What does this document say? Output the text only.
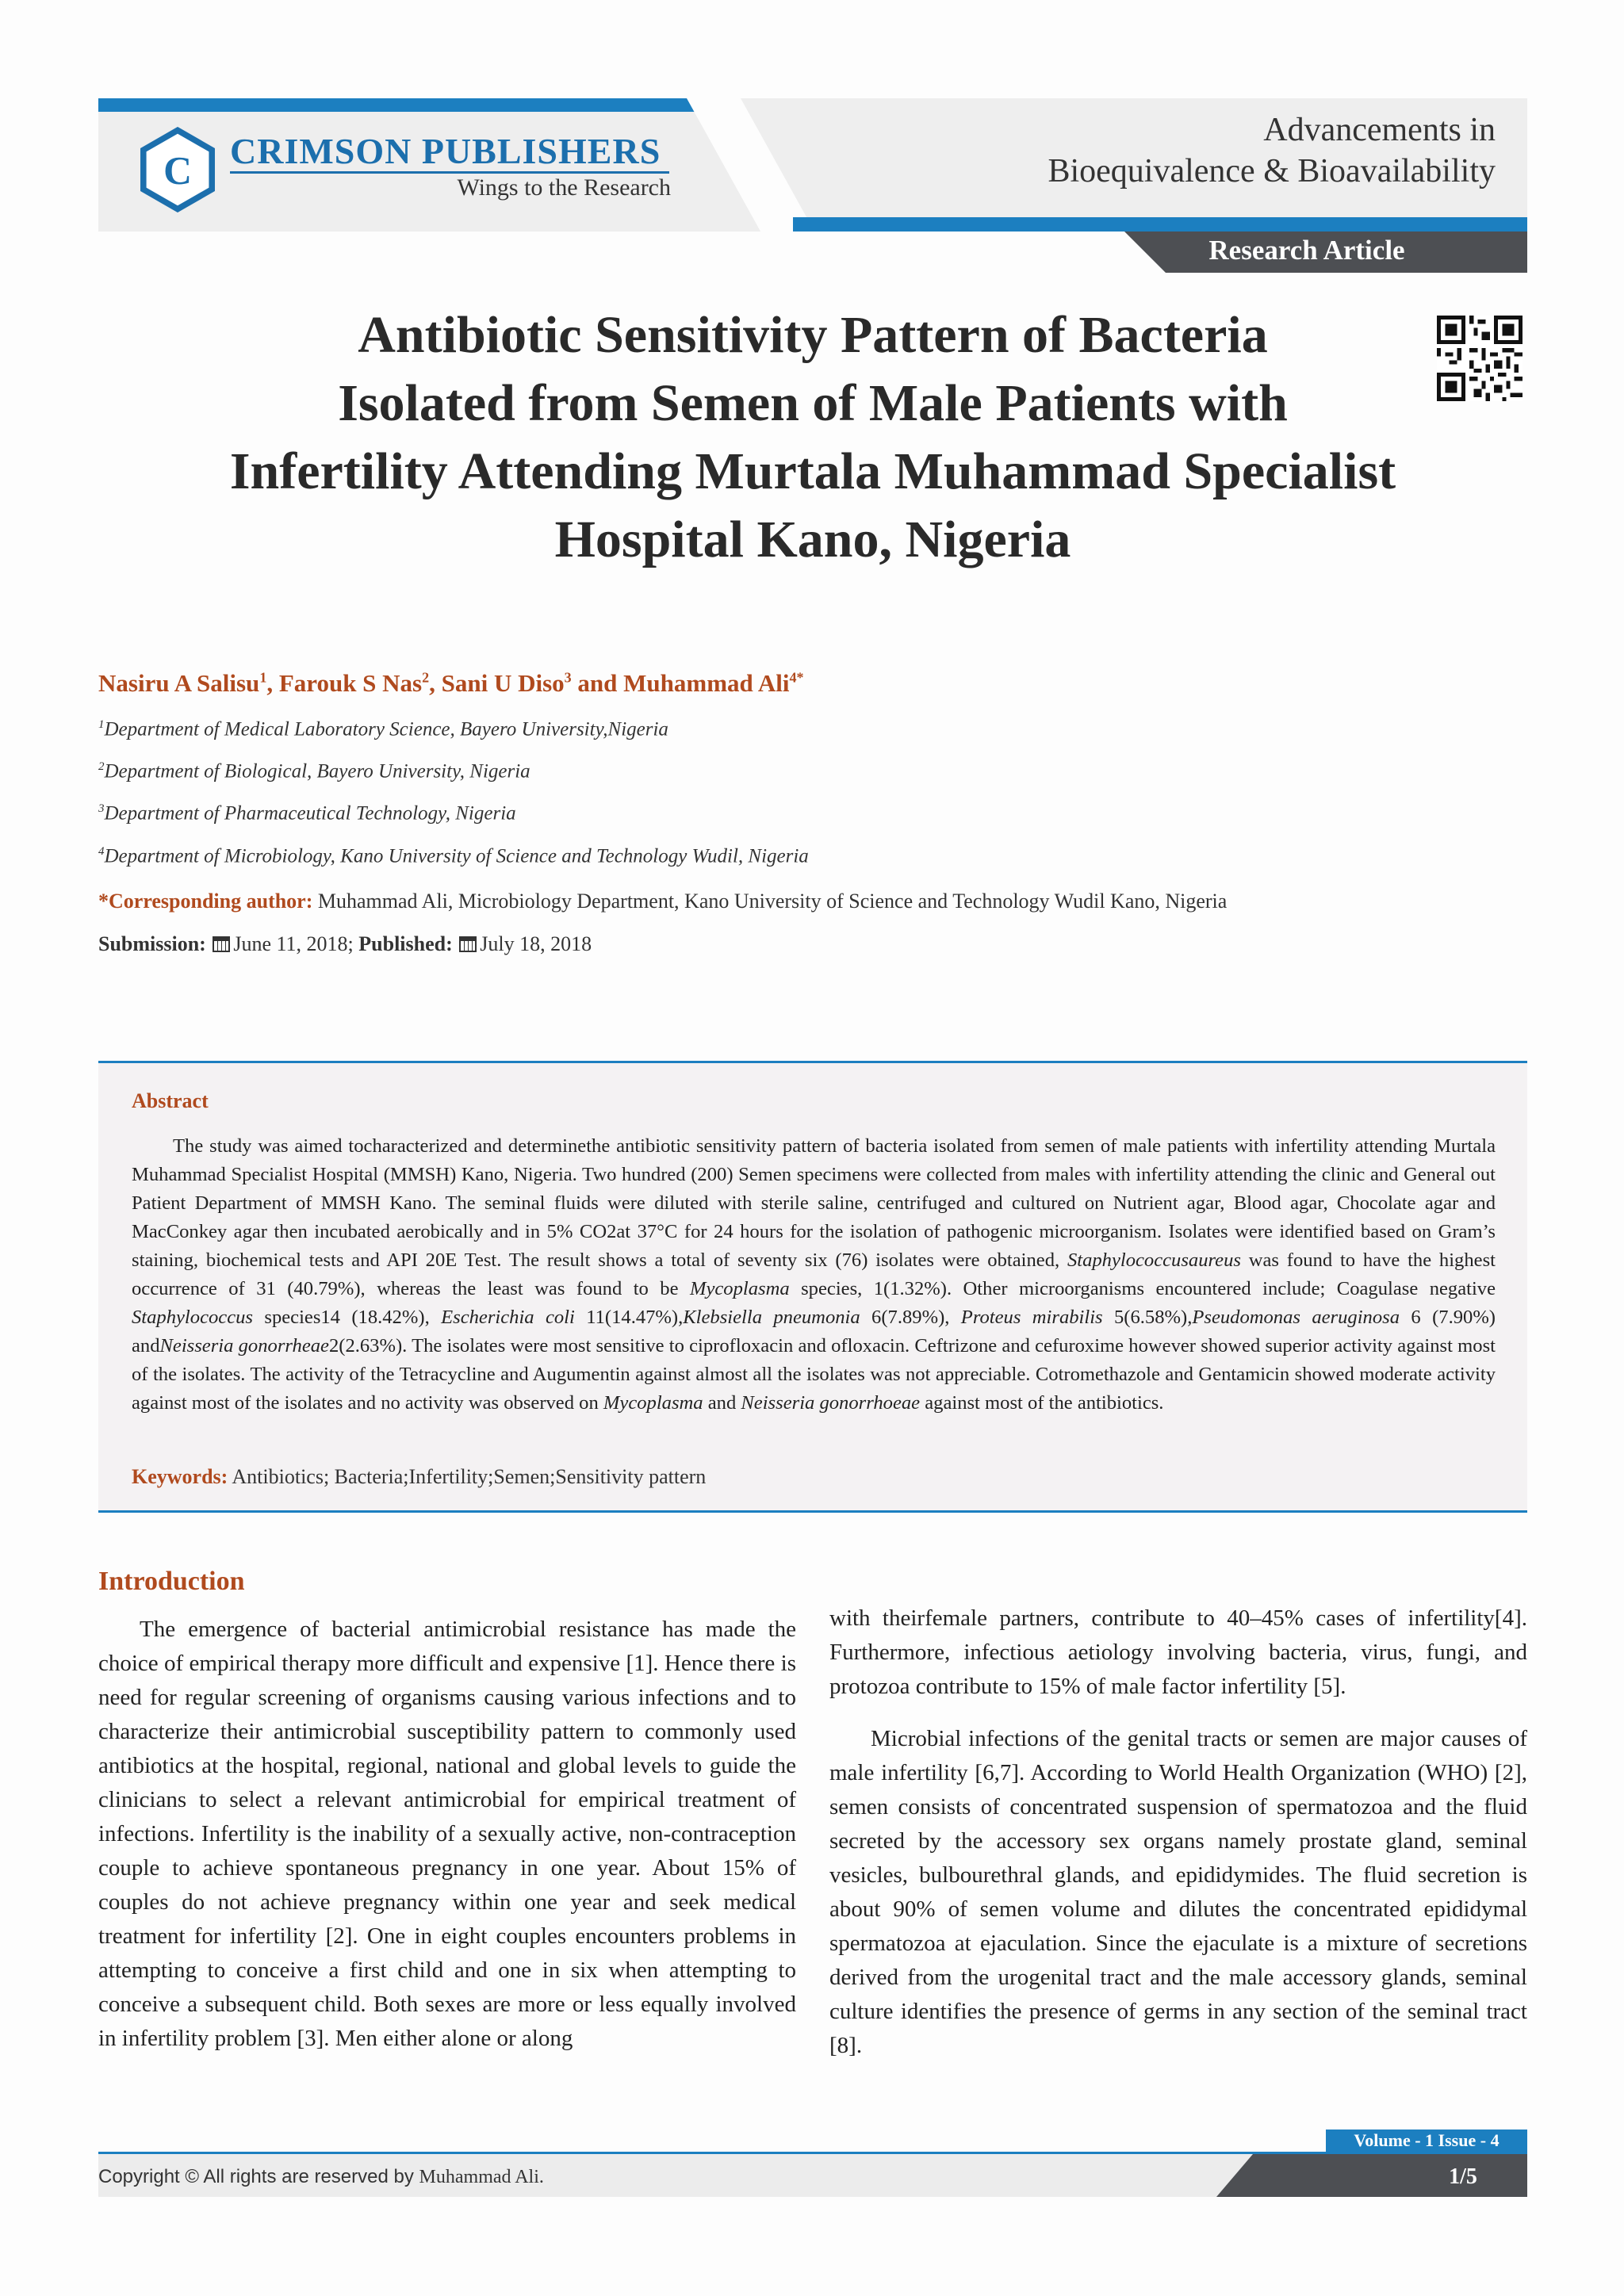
C CRIMSON PUBLISHERS
Wings to the Research
Advancements in
Bioequivalence & Bioavailability
Research Article
Antibiotic Sensitivity Pattern of Bacteria
Isolated from Semen of Male Patients with
Infertility Attending Murtala Muhammad Specialist
Hospital Kano, Nigeria
Nasiru A Salisu$^1$, Farouk S Nas$^2$, Sani U Diso$^3$ and Muhammad Ali$^{4*}$
$^1$Department of Medical Laboratory Science, Bayero University,Nigeria
$^2$Department of Biological, Bayero University, Nigeria
$^3$Department of Pharmaceutical Technology, Nigeria
$^4$Department of Microbiology, Kano University of Science and Technology Wudil, Nigeria
*Corresponding author: Muhammad Ali, Microbiology Department, Kano University of Science and Technology Wudil Kano, Nigeria
Submission: June 11, 2018; Published: July 18, 2018
Abstract
The study was aimed tocharacterized and determinethe antibiotic sensitivity pattern of bacteria isolated from semen of male patients with infertility attending Murtala Muhammad Specialist Hospital (MMSH) Kano, Nigeria. Two hundred (200) Semen specimens were collected from males with infertility attending the clinic and General out Patient Department of MMSH Kano. The seminal fluids were diluted with sterile saline, centrifuged and cultured on Nutrient agar, Blood agar, Chocolate agar and MacConkey agar then incubated aerobically and in 5% CO2at 37°C for 24 hours for the isolation of pathogenic microorganism. Isolates were identified based on Gram’s staining, biochemical tests and API 20E Test. The result shows a total of seventy six (76) isolates were obtained, Staphylococcusaureus was found to have the highest occurrence of 31 (40.79%), whereas the least was found to be Mycoplasma species, 1(1.32%). Other microorganisms encountered include; Coagulase negative Staphylococcus species14 (18.42%), Escherichia coli 11(14.47%),Klebsiella pneumonia 6(7.89%), Proteus mirabilis 5(6.58%),Pseudomonas aeruginosa 6 (7.90%) andNeisseria gonorrheae2(2.63%). The isolates were most sensitive to ciprofloxacin and ofloxacin. Ceftrizone and cefuroxime however showed superior activity against most of the isolates. The activity of the Tetracycline and Augumentin against almost all the isolates was not appreciable. Cotromethazole and Gentamicin showed moderate activity against most of the isolates and no activity was observed on Mycoplasma and Neisseria gonorrhoeae against most of the antibiotics.
Keywords: Antibiotics; Bacteria;Infertility;Semen;Sensitivity pattern
Introduction

The emergence of bacterial antimicrobial resistance has made the choice of empirical therapy more difficult and expensive [1]. Hence there is need for regular screening of organisms causing various infections and to characterize their antimicrobial susceptibility pattern to commonly used antibiotics at the hospital, regional, national and global levels to guide the clinicians to select a relevant antimicrobial for empirical treatment of infections. Infertility is the inability of a sexually active, non-contraception couple to achieve spontaneous pregnancy in one year. About 15% of couples do not achieve pregnancy within one year and seek medical treatment for infertility [2]. One in eight couples encounters problems in attempting to conceive a first child and one in six when attempting to conceive a subsequent child. Both sexes are more or less equally involved in infertility problem [3]. Men either alone or along

with theirfemale partners, contribute to 40–45% cases of infertility[4]. Furthermore, infectious aetiology involving bacteria, virus, fungi, and protozoa contribute to 15% of male factor infertility [5].

Microbial infections of the genital tracts or semen are major causes of male infertility [6,7]. According to World Health Organization (WHO) [2], semen consists of concentrated suspension of spermatozoa and the fluid secreted by the accessory sex organs namely prostate gland, seminal vesicles, bulbourethral glands, and epididymides. The fluid secretion is about 90% of semen volume and dilutes the concentrated epididymal spermatozoa at ejaculation. Since the ejaculate is a mixture of secretions derived from the urogenital tract and the male accessory glands, seminal culture identifies the presence of germs in any section of the seminal tract [8].

Volume - 1 Issue - 4
Copyright © All rights are reserved by Muhammad Ali.	1/5
